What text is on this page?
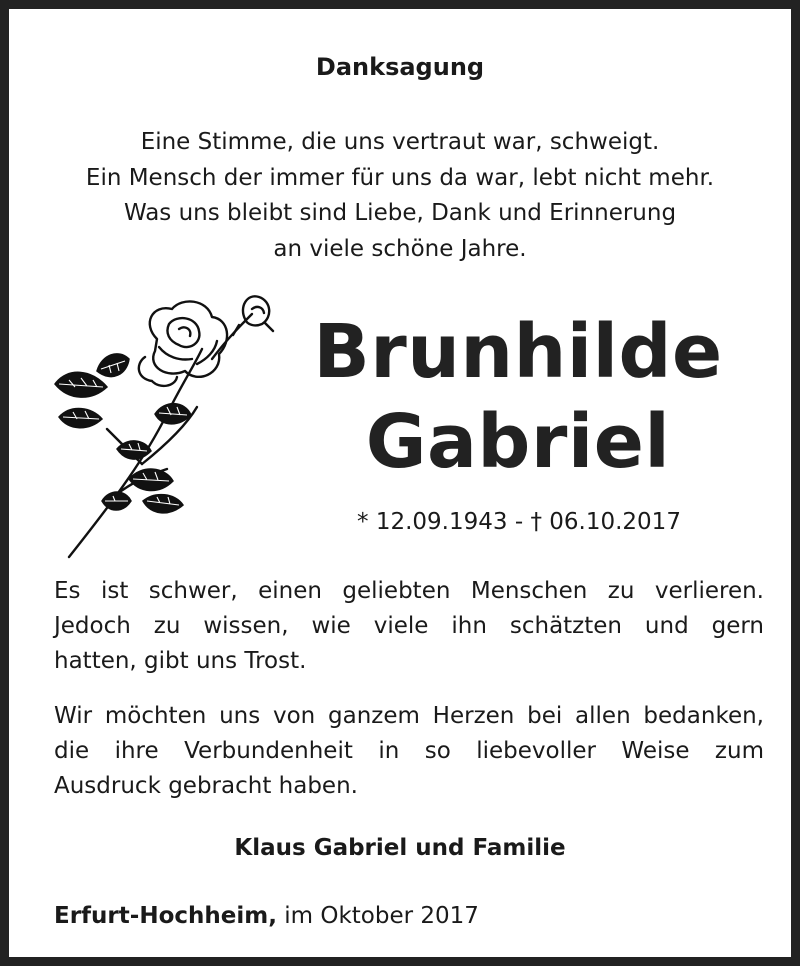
Danksagung
Eine Stimme, die uns vertraut war, schweigt.
Ein Mensch der immer für uns da war, lebt nicht mehr.
Was uns bleibt sind Liebe, Dank und Erinnerung
an viele schöne Jahre.
Brunhilde
Gabriel
* 12.09.1943 - † 06.10.2017
Es ist schwer, einen geliebten Menschen zu verlieren.
Jedoch zu wissen, wie viele ihn schätzten und gern
hatten, gibt uns Trost.
Wir möchten uns von ganzem Herzen bei allen bedanken,
die ihre Verbundenheit in so liebevoller Weise zum
Ausdruck gebracht haben.
Klaus Gabriel und Familie
Erfurt-Hochheim, im Oktober 2017
